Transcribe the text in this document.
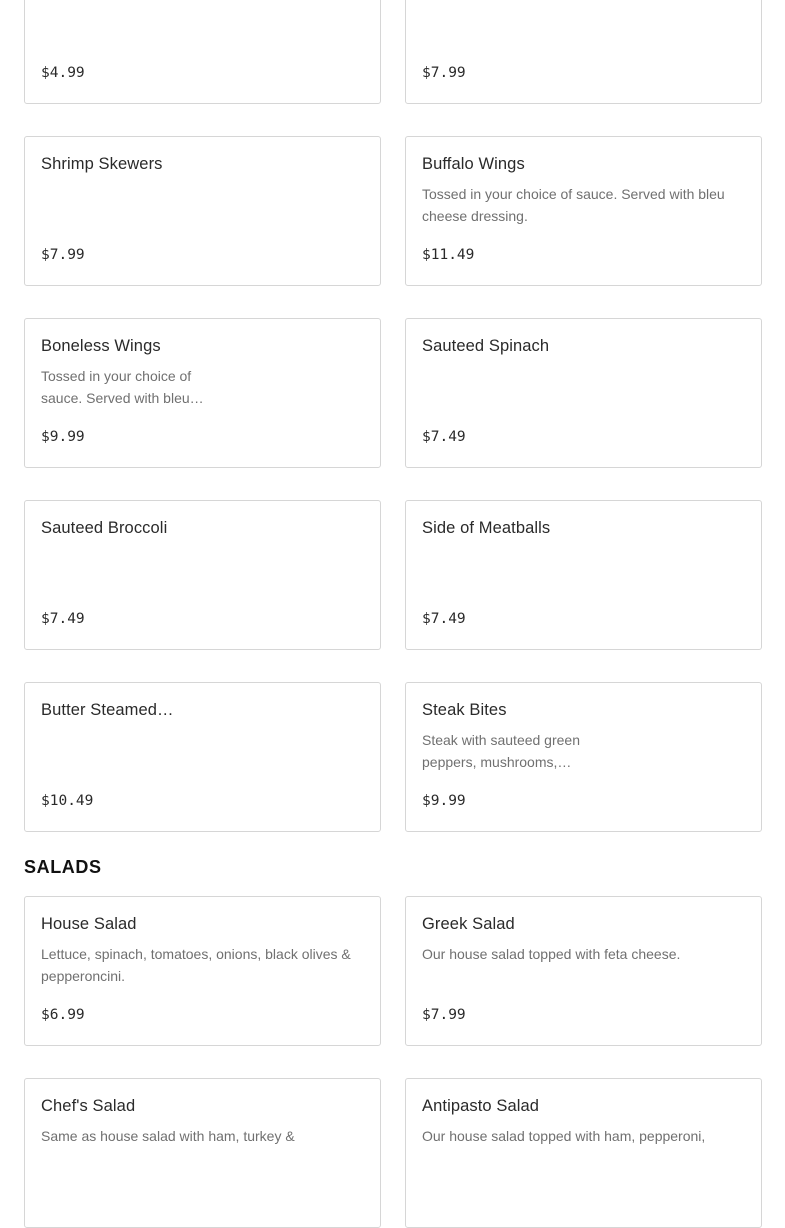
$4.99	$7.99
Shrimp Skewers
$7.99
Buffalo Wings
Tossed in your choice of sauce. Served with bleu cheese dressing.
$11.49
Boneless Wings
Tossed in your choice of sauce. Served with bleu…
$9.99
Sauteed Spinach
$7.49
Sauteed Broccoli
$7.49
Side of Meatballs
$7.49
Butter Steamed…
$10.49
Steak Bites
Steak with sauteed green peppers, mushrooms,…
$9.99
SALADS
House Salad
Lettuce, spinach, tomatoes, onions, black olives & pepperoncini.
$6.99
Greek Salad
Our house salad topped with feta cheese.
$7.99
Chef's Salad
Same as house salad with ham, turkey &
Antipasto Salad
Our house salad topped with ham, pepperoni,
